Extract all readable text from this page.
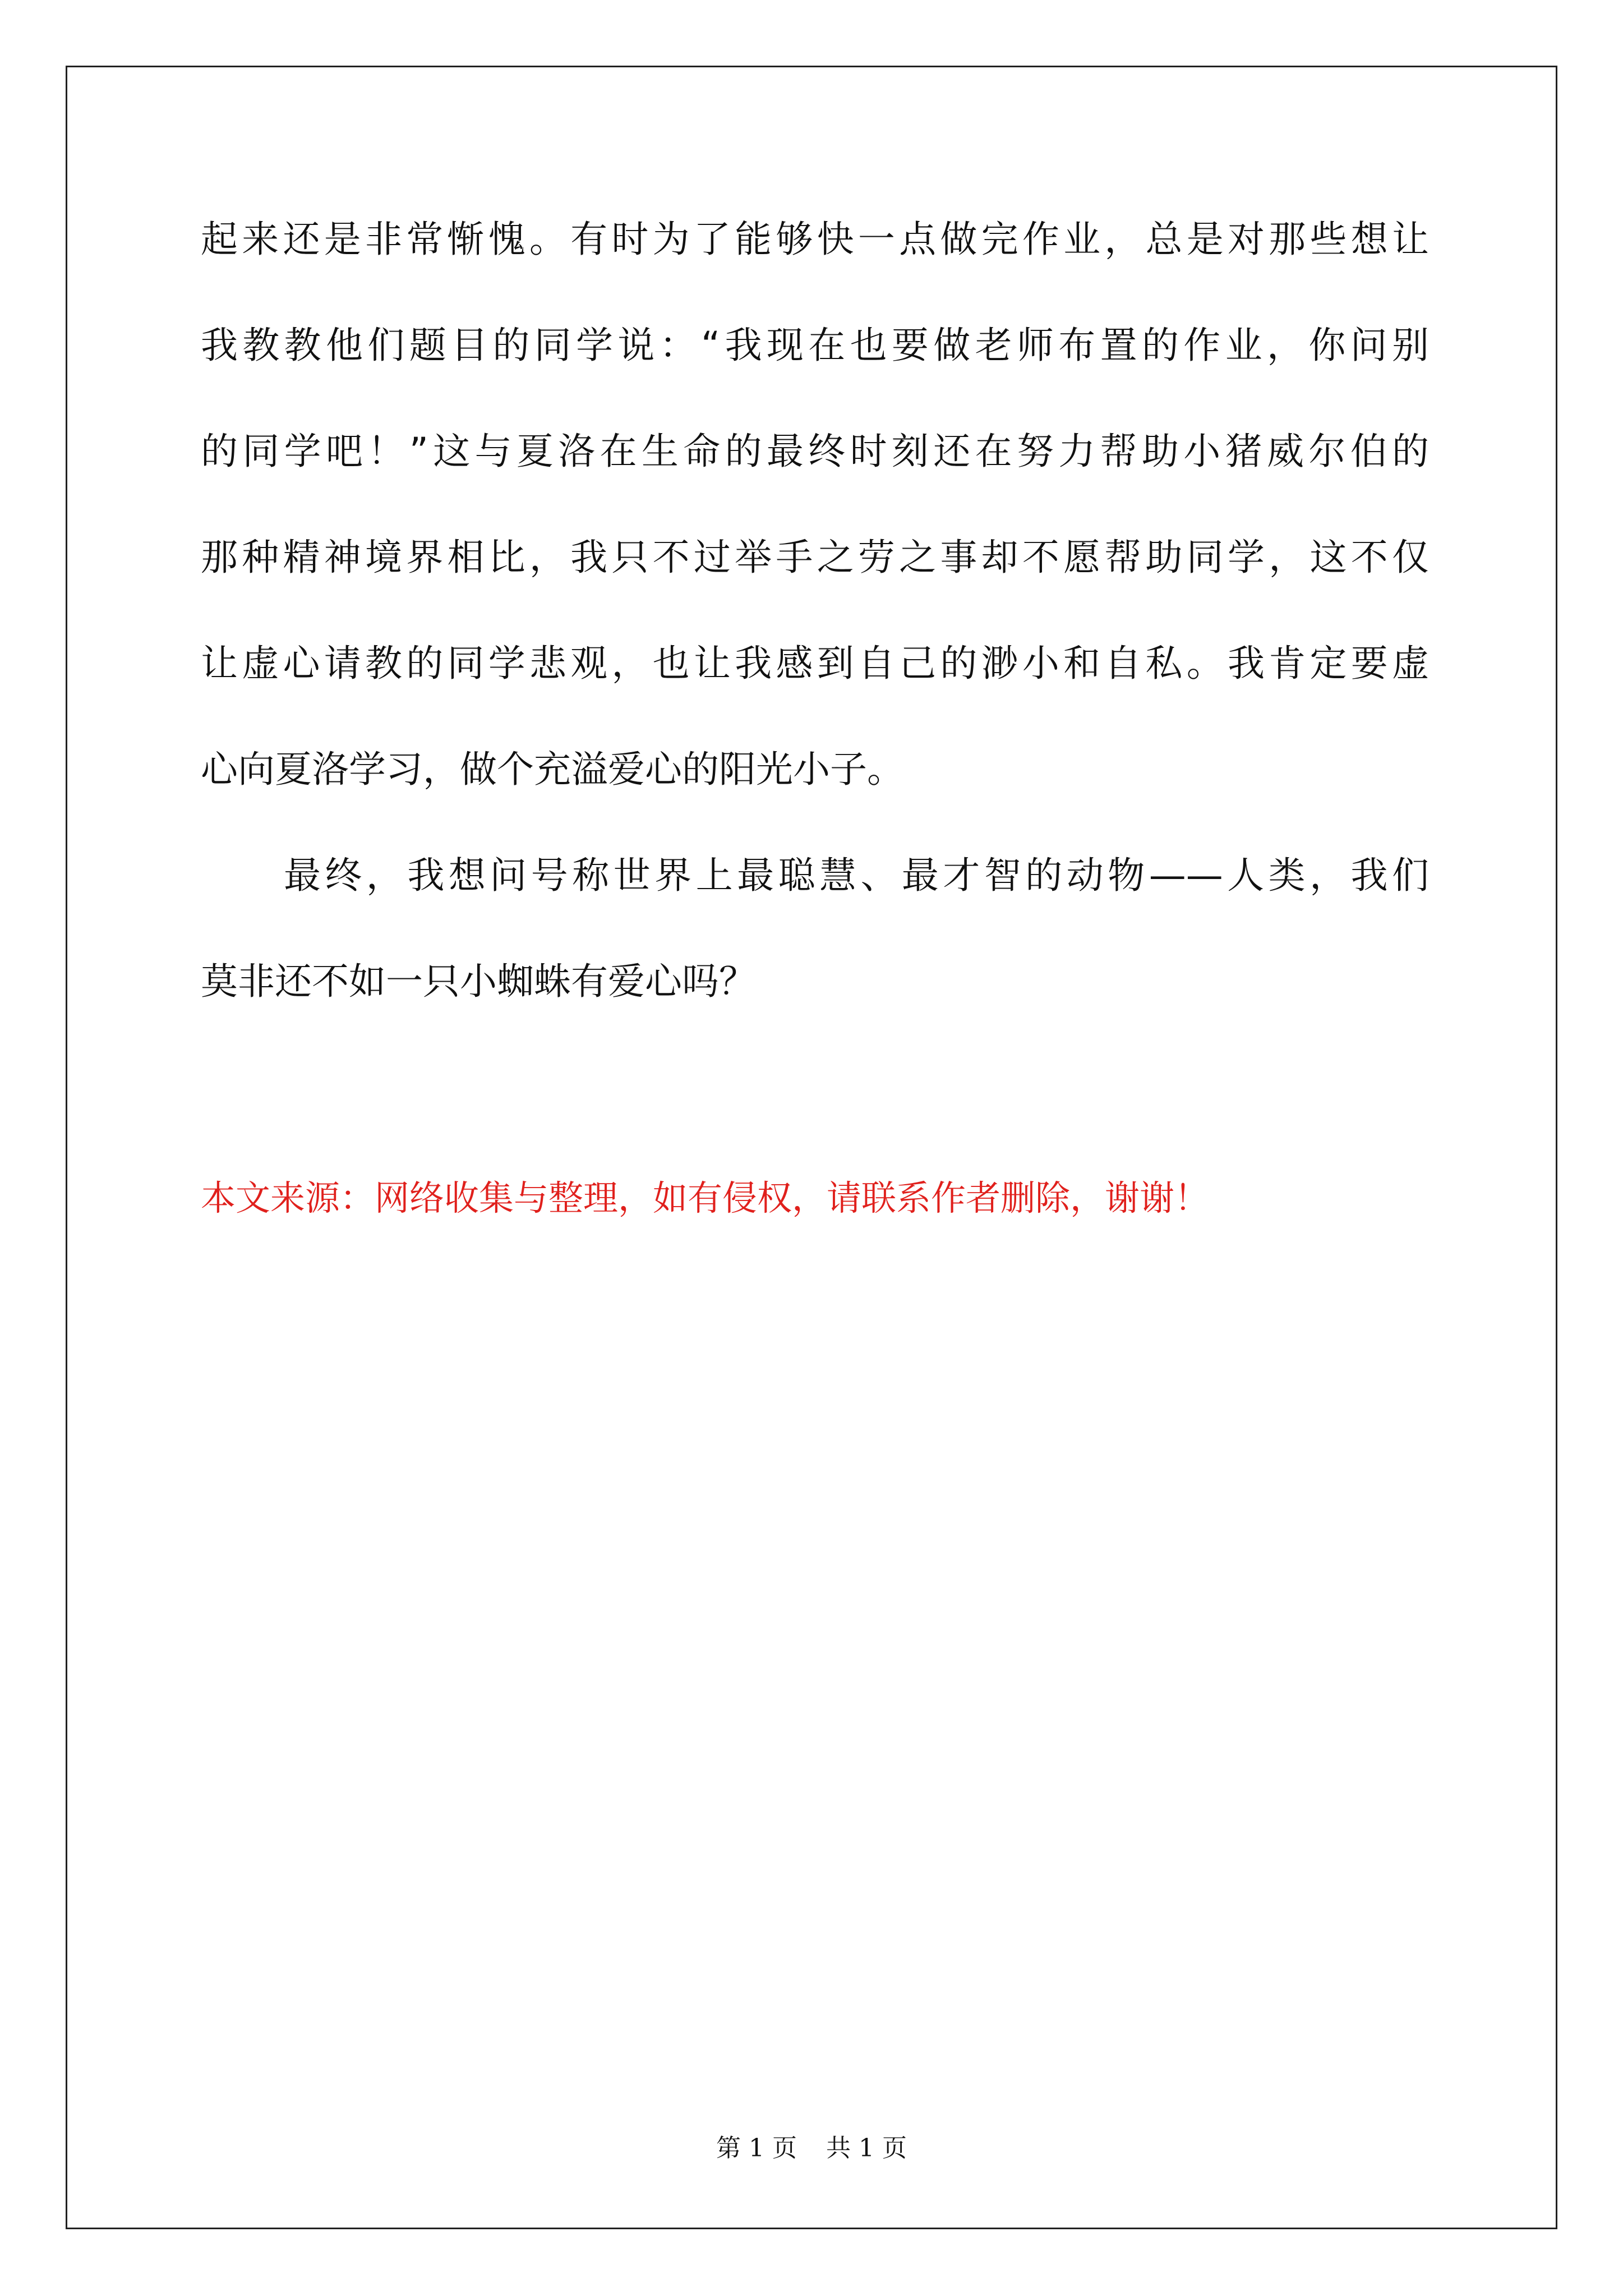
起来还是非常惭愧。有时为了能够快一点做完作业，总是对那些想让
我教教他们题目的同学说：“我现在也要做老师布置的作业，你问别
的同学吧！”这与夏洛在生命的最终时刻还在努力帮助小猪威尔伯的
那种精神境界相比，我只不过举手之劳之事却不愿帮助同学，这不仅
让虚心请教的同学悲观，也让我感到自己的渺小和自私。我肯定要虚
心向夏洛学习，做个充溢爱心的阳光小子。
最终，我想问号称世界上最聪慧、最才智的动物——人类，我们
莫非还不如一只小蜘蛛有爱心吗？
本文来源：网络收集与整理，如有侵权，请联系作者删除，谢谢！
第 1 页 共 1 页
